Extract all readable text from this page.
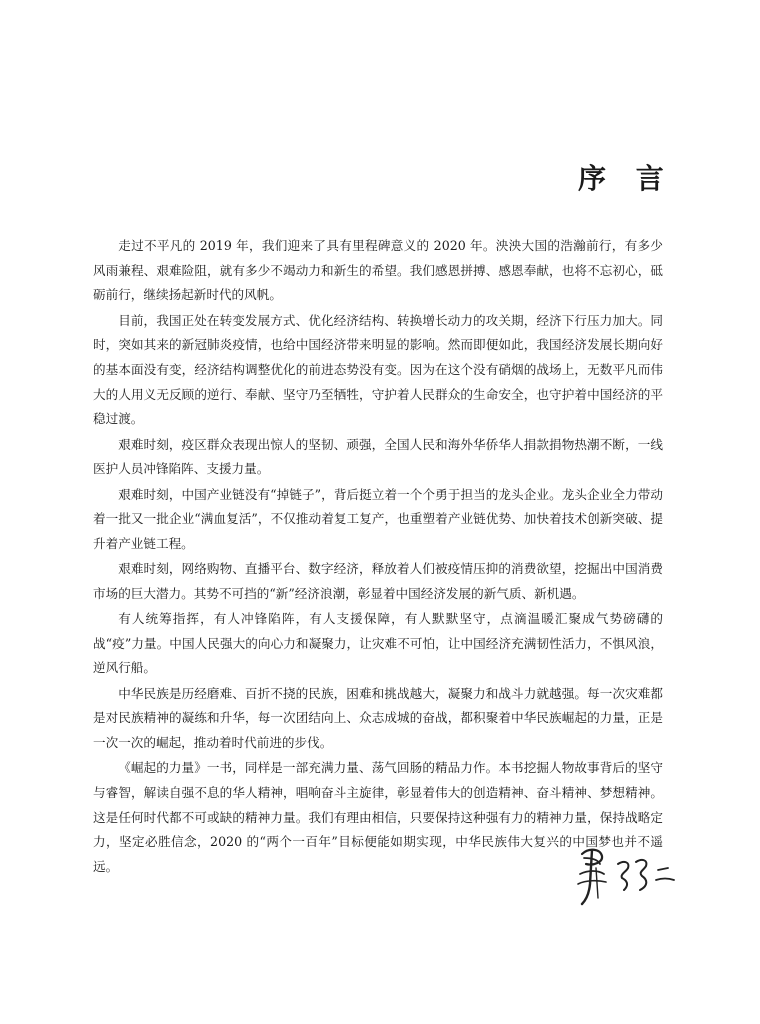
序 言

走过不平凡的 2019 年，我们迎来了具有里程碑意义的 2020 年。泱泱大国的浩瀚前行，有多少风雨兼程、艰难险阻，就有多少不竭动力和新生的希望。我们感恩拼搏、感恩奉献，也将不忘初心，砥砺前行，继续扬起新时代的风帆。

目前，我国正处在转变发展方式、优化经济结构、转换增长动力的攻关期，经济下行压力加大。同时，突如其来的新冠肺炎疫情，也给中国经济带来明显的影响。然而即便如此，我国经济发展长期向好的基本面没有变，经济结构调整优化的前进态势没有变。因为在这个没有硝烟的战场上，无数平凡而伟大的人用义无反顾的逆行、奉献、坚守乃至牺牲，守护着人民群众的生命安全，也守护着中国经济的平稳过渡。

艰难时刻，疫区群众表现出惊人的坚韧、顽强，全国人民和海外华侨华人捐款捐物热潮不断，一线医护人员冲锋陷阵、支援力量。

艰难时刻，中国产业链没有“掉链子”，背后挺立着一个个勇于担当的龙头企业。龙头企业全力带动着一批又一批企业“满血复活”，不仅推动着复工复产，也重塑着产业链优势、加快着技术创新突破、提升着产业链工程。

艰难时刻，网络购物、直播平台、数字经济，释放着人们被疫情压抑的消费欲望，挖掘出中国消费市场的巨大潜力。其势不可挡的“新”经济浪潮，彰显着中国经济发展的新气质、新机遇。

有人统筹指挥，有人冲锋陷阵，有人支援保障，有人默默坚守，点滴温暖汇聚成气势磅礴的战“疫”力量。中国人民强大的向心力和凝聚力，让灾难不可怕，让中国经济充满韧性活力，不惧风浪，逆风行船。

中华民族是历经磨难、百折不挠的民族，困难和挑战越大，凝聚力和战斗力就越强。每一次灾难都是对民族精神的凝练和升华，每一次团结向上、众志成城的奋战，都积聚着中华民族崛起的力量，正是一次一次的崛起，推动着时代前进的步伐。

《崛起的力量》一书，同样是一部充满力量、荡气回肠的精品力作。本书挖掘人物故事背后的坚守与睿智，解读自强不息的华人精神，唱响奋斗主旋律，彰显着伟大的创造精神、奋斗精神、梦想精神。这是任何时代都不可或缺的精神力量。我们有理由相信，只要保持这种强有力的精神力量，保持战略定力，坚定必胜信念，2020 的“两个一百年”目标便能如期实现，中华民族伟大复兴的中国梦也并不遥远。
